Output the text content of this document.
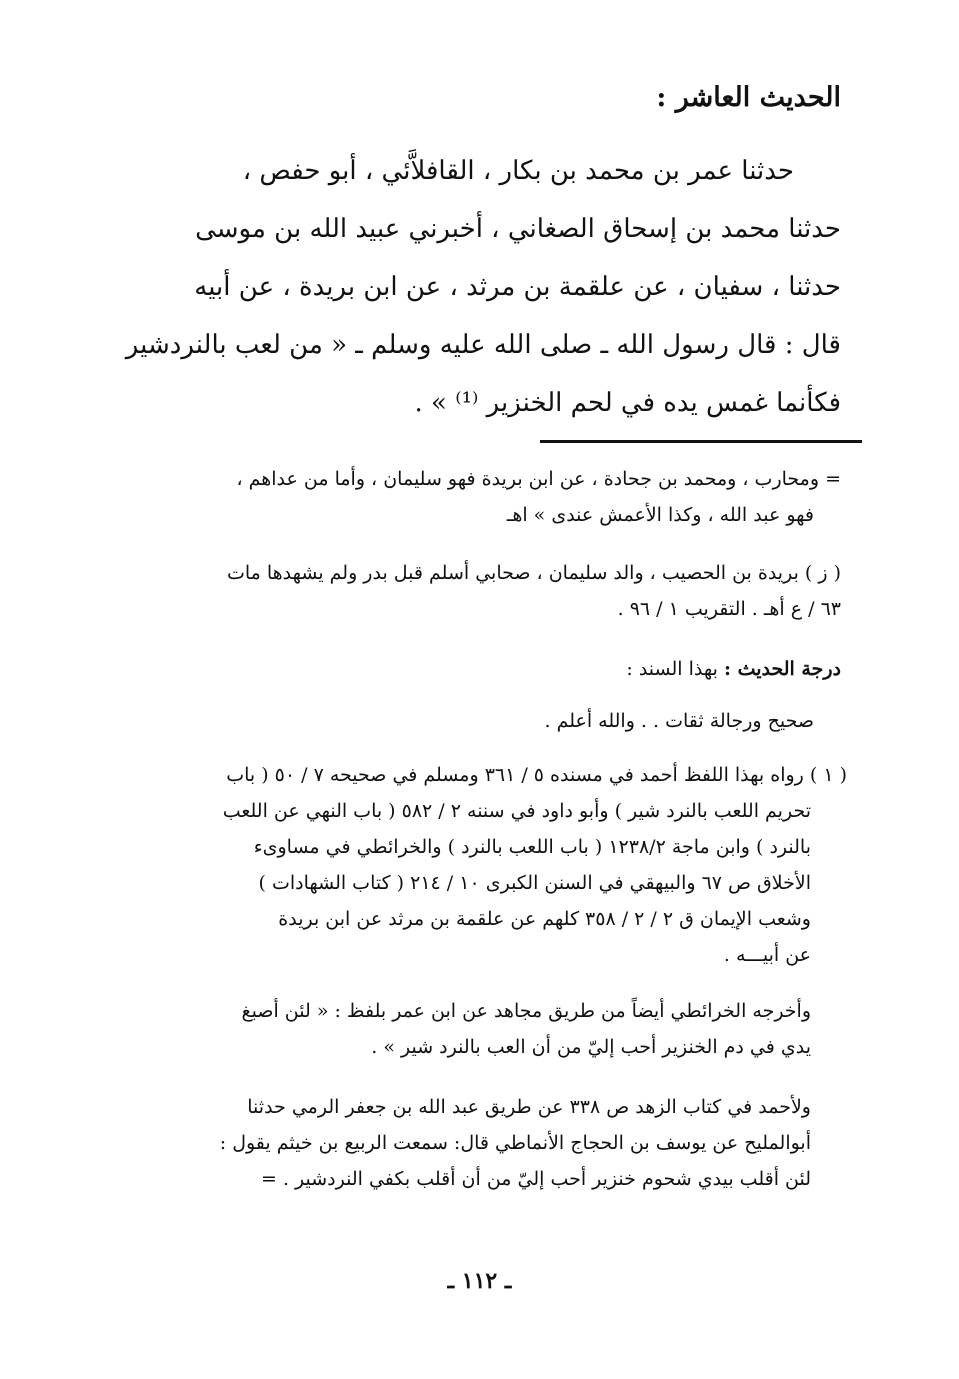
الحديث العاشر :
حدثنا عمر بن محمد بن بكار ، القافلاَّئي ، أبو حفص ،
حدثنا محمد بن إسحاق الصغاني ، أخبرني عبيد الله بن موسى
حدثنا ، سفيان ، عن علقمة بن مرثد ، عن ابن بريدة ، عن أبيه
قال : قال رسول الله ـ صلى الله عليه وسلم ـ « من لعب بالنردشير
فكأنما غمس يده في لحم الخنزير ⁽¹⁾ » .
= ومحارب ، ومحمد بن جحادة ، عن ابن بريدة فهو سليمان ، وأما من عداهم ،
فهو عبد الله ، وكذا الأعمش عندى » اهـ
( ز ) بريدة بن الحصيب ، والد سليمان ، صحابي أسلم قبل بدر ولم يشهدها مات
٦٣ / ع أهـ . التقريب ١ / ٩٦ .
درجة الحديث : بهذا السند :
صحيح ورجالة ثقات . . والله أعلم .
( ١ ) رواه بهذا اللفظ أحمد في مسنده ٥ / ٣٦١ ومسلم في صحيحه ٧ / ٥٠ ( باب
تحريم اللعب بالنرد شير ) وأبو داود في سننه ٢ / ٥٨٢ ( باب النهي عن اللعب
بالنرد ) وابن ماجة ١٢٣٨/٢ ( باب اللعب بالنرد ) والخرائطي في مساوىء
الأخلاق ص ٦٧ والبيهقي في السنن الكبرى ١٠ / ٢١٤ ( كتاب الشهادات )
وشعب الإيمان ق ٢ / ٢ / ٣٥٨ كلهم عن علقمة بن مرثد عن ابن بريدة
عن أبيـــه .
وأخرجه الخرائطي أيضاً من طريق مجاهد عن ابن عمر بلفظ : « لئن أصبغ
يدي في دم الخنزير أحب إليّ من أن العب بالنرد شير » .
ولأحمد في كتاب الزهد ص ٣٣٨ عن طريق عبد الله بن جعفر الرمي حدثنا
أبوالمليح عن يوسف بن الحجاج الأنماطي قال: سمعت الربيع بن خيثم يقول :
لئن أقلب بيدي شحوم خنزير أحب إليّ من أن أقلب بكفي النردشير . =
ـ ١١٢ ـ
